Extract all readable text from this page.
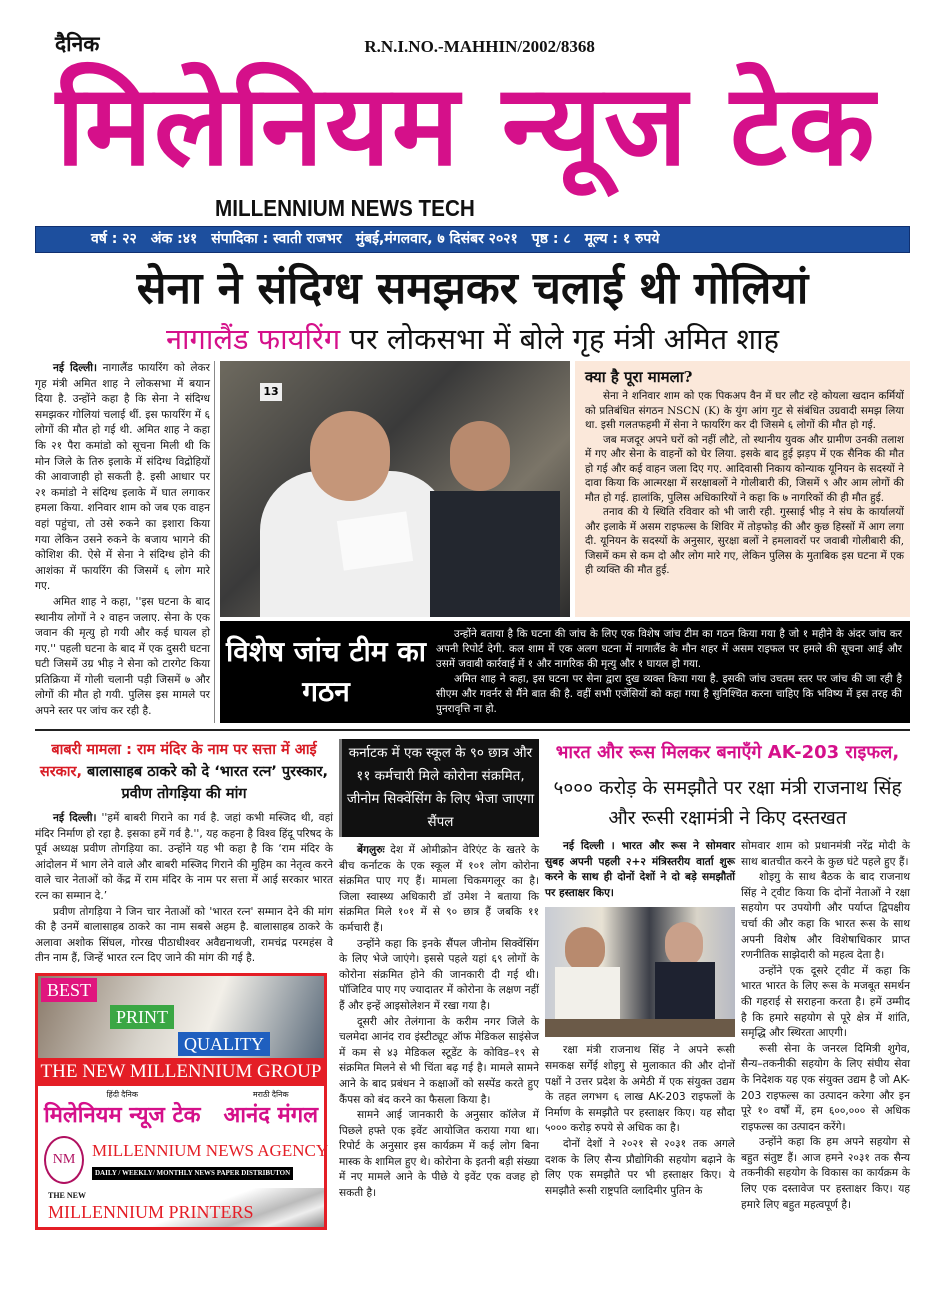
दैनिक	R.N.I.NO.-MAHHIN/2002/8368
मिलेनियम न्यूज टेक
MILLENNIUM NEWS TECH
वर्ष : २२ अंक :४१ संपादिका : स्वाती राजभर मुंबई,मंगलवार, ७ दिसंबर २०२१ पृष्ठ : ८ मूल्य : १ रुपये
सेना ने संदिग्ध समझकर चलाई थी गोलियां
नागालैंड फायरिंग पर लोकसभा में बोले गृह मंत्री अमित शाह

नई दिल्ली। नागालैंड फायरिंग को लेकर गृह मंत्री अमित शाह ने लोकसभा में बयान दिया है. उन्होंने कहा है कि सेना ने संदिग्ध समझकर गोलियां चलाई थीं. इस फायरिंग में ६ लोगों की मौत हो गई थी. अमित शाह ने कहा कि २१ पैरा कमांडो को सूचना मिली थी कि मोन जिले के तिरु इलाके में संदिग्ध विद्रोहियों की आवाजाही हो सकती है. इसी आधार पर २१ कमांडो ने संदिग्ध इलाके में घात लगाकर हमला किया. शनिवार शाम को जब एक वाहन वहां पहुंचा, तो उसे रुकने का इशारा किया गया लेकिन उसने रुकने के बजाय भागने की कोशिश की. ऐसे में सेना ने संदिग्ध होने की आशंका में फायरिंग की जिसमें ६ लोग मारे गए.

अमित शाह ने कहा, ''इस घटना के बाद स्थानीय लोगों ने २ वाहन जलाए. सेना के एक जवान की मृत्यु हो गयी और कई घायल हो गए.'' पहली घटना के बाद में एक दुसरी घटना घटी जिसमें उग्र भीड़ ने सेना को टारगेट किया प्रतिक्रिया में गोली चलानी पड़ी जिसमें ७ और लोगों की मौत हो गयी. पुलिस इस मामले पर अपने स्तर पर जांच कर रही है.

13
क्या है पूरा मामला?

सेना ने शनिवार शाम को एक पिकअप वैन में घर लौट रहे कोयला खदान कर्मियों को प्रतिबंधित संगठन NSCN (K) के युंग आंग गुट से संबंधित उग्रवादी समझ लिया था. इसी गलतफहमी में सेना ने फायरिंग कर दी जिसमे ६ लोगों की मौत हो गई.

जब मजदूर अपने घरों को नहीं लौटे, तो स्थानीय युवक और ग्रामीण उनकी तलाश में गए और सेना के वाहनों को घेर लिया. इसके बाद हुई झड़प में एक सैनिक की मौत हो गई और कई वाहन जला दिए गए. आदिवासी निकाय कोन्याक यूनियन के सदस्यों ने दावा किया कि आत्मरक्षा में सरक्षाबलों ने गोलीबारी की, जिसमें ९ और आम लोगों की मौत हो गई. हालांकि, पुलिस अधिकारियों ने कहा कि ७ नागरिकों की ही मौत हुई.

तनाव की ये स्थिति रविवार को भी जारी रही. गुस्साई भीड़ ने संघ के कार्यालयों और इलाके में असम राइफल्स के शिविर में तोड़फोड़ की और कुछ हिस्सों में आग लगा दी. यूनियन के सदस्यों के अनुसार, सुरक्षा बलों ने हमलावरों पर जवाबी गोलीबारी की, जिसमें कम से कम दो और लोग मारे गए, लेकिन पुलिस के मुताबिक इस घटना में एक ही व्यक्ति की मौत हुई.

विशेष जांच टीम का गठन

उन्होंने बताया है कि घटना की जांच के लिए एक विशेष जांच टीम का गठन किया गया है जो १ महीने के अंदर जांच कर अपनी रिपोर्ट देगी. कल शाम में एक अलग घटना में नागालैंड के मौन शहर में असम राइफल पर हमले की सूचना आई और उसमें जवाबी कार्रवाई में १ और नागरिक की मृत्यु और १ घायल हो गया.

अमित शाह ने कहा, इस घटना पर सेना द्वारा दुख व्यक्त किया गया है. इसकी जांच उचतम स्तर पर जांच की जा रही है सीएम और गवर्नर से मैंने बात की है. वहीं सभी एजेंसियों को कहा गया है सुनिश्चित करना चाहिए कि भविष्य में इस तरह की पुनरावृत्ति ना हो.

बाबरी मामला : राम मंदिर के नाम पर सत्ता में आई सरकार, बालासाहब ठाकरे को दे ‘भारत रत्न’ पुरस्कार, प्रवीण तोगड़िया की मांग

नई दिल्ली। ''हमें बाबरी गिराने का गर्व है. जहां कभी मस्जिद थी, वहां मंदिर निर्माण हो रहा है. इसका हमें गर्व है.'', यह कहना है विश्व हिंदू परिषद के पूर्व अध्यक्ष प्रवीण तोगड़िया का. उन्होंने यह भी कहा है कि ‘राम मंदिर के आंदोलन में भाग लेने वाले और बाबरी मस्जिद गिराने की मुहिम का नेतृत्व करने वाले चार नेताओं को केंद्र में राम मंदिर के नाम पर सत्ता में आई सरकार भारत रत्न का सम्मान दे.’

प्रवीण तोगड़िया ने जिन चार नेताओं को 'भारत रत्न' सम्मान देने की मांग की है उनमें बालासाहब ठाकरे का नाम सबसे अहम है. बालासाहब ठाकरे के अलावा अशोक सिंघल, गोरख पीठाधीश्वर अवैद्यनाथजी, रामचंद्र परमहंस वे तीन नाम हैं, जिन्हें भारत रत्न दिए जाने की मांग की गई है.

BEST
PRINT
QUALITY
THE NEW MILLENNIUM GROUP
हिंदी दैनिक
मिलेनियम न्यूज टेक
मराठी दैनिक
आनंद मंगल
NM MILLENNIUM NEWS AGENCY
DAILY / WEEKLY/ MONTHLY NEWS PAPER DISTRIBUTON
THE NEW
MILLENNIUM PRINTERS
कर्नाटक में एक स्कूल के ९० छात्र और ११ कर्मचारी मिले कोरोना संक्रमित, जीनोम सिक्वेंसिंग के लिए भेजा जाएगा सैंपल

बेंगलुरुः देश में ओमीक्रोन वेरिएंट के खतरे के बीच कर्नाटक के एक स्कूल में १०१ लोग कोरोना संक्रमित पाए गए हैं। मामला चिकमगलूर का है। जिला स्वास्थ्य अधिकारी डॉ उमेश ने बताया कि संक्रमित मिले १०१ में से ९० छात्र हैं जबकि ११ कर्मचारी हैं।

उन्होंने कहा कि इनके सैंपल जीनोम सिक्वेंसिंग के लिए भेजे जाएंगे। इससे पहले यहां ६९ लोगों के कोरोना संक्रमित होने की जानकारी दी गई थी। पॉजिटिव पाए गए ज्यादातर में कोरोना के लक्षण नहीं हैं और इन्हें आइसोलेशन में रखा गया है।

दूसरी ओर तेलंगाना के करीम नगर जिले के चलमेदा आनंद राव इंस्टीट्यूट ऑफ मेडिकल साइंसेज में कम से ४३ मेडिकल स्टूडेंट के कोविड–१९ से संक्रमित मिलने से भी चिंता बढ़ गई है। मामले सामने आने के बाद प्रबंधन ने कक्षाओं को सस्पेंड करते हुए कैंपस को बंद करने का फैसला किया है।

सामने आई जानकारी के अनुसार कॉलेज में पिछले हफ्ते एक इवेंट आयोजित कराया गया था। रिपोर्ट के अनुसार इस कार्यक्रम में कई लोग बिना मास्क के शामिल हुए थे। कोरोना के इतनी बड़ी संख्या में नए मामले आने के पीछे ये इवेंट एक वजह हो सकती है।

भारत और रूस मिलकर बनाएँगे AK-203 राइफल,
५००० करोड़ के समझौते पर रक्षा मंत्री राजनाथ सिंह और रूसी रक्षामंत्री ने किए दस्तखत

नई दिल्ली । भारत और रूस ने सोमवार सुबह अपनी पहली २+२ मंत्रिस्तरीय वार्ता शुरू करने के साथ ही दोनों देशों ने दो बड़े समझौतों पर हस्ताक्षर किए।

रक्षा मंत्री राजनाथ सिंह ने अपने रूसी समकक्ष सर्गेई शोइगु से मुलाकात की और दोनों पक्षों ने उत्तर प्रदेश के अमेठी में एक संयुक्त उद्यम के तहत लगभग ६ लाख AK-203 राइफलों के निर्माण के समझौते पर हस्ताक्षर किए। यह सौदा ५००० करोड़ रुपये से अधिक का है।

दोनों देशों ने २०२१ से २०३१ तक अगले दशक के लिए सैन्य प्रौद्योगिकी सहयोग बढ़ाने के लिए एक समझौते पर भी हस्ताक्षर किए। ये समझौते रूसी राष्ट्रपति व्लादिमीर पुतिन के

सोमवार शाम को प्रधानमंत्री नरेंद्र मोदी के साथ बातचीत करने के कुछ घंटे पहले हुए हैं।

शोइगु के साथ बैठक के बाद राजनाथ सिंह ने ट्वीट किया कि दोनों नेताओं ने रक्षा सहयोग पर उपयोगी और पर्याप्त द्विपक्षीय चर्चा की और कहा कि भारत रूस के साथ अपनी विशेष और विशेषाधिकार प्राप्त रणनीतिक साझेदारी को महत्व देता है।

उन्होंने एक दूसरे ट्वीट में कहा कि भारत भारत के लिए रूस के मजबूत समर्थन की गहराई से सराहना करता है। हमें उम्मीद है कि हमारे सहयोग से पूरे क्षेत्र में शांति, समृद्धि और स्थिरता आएगी।

रूसी सेना के जनरल दिमित्री शुगेव, सैन्य–तकनीकी सहयोग के लिए संघीय सेवा के निदेशक यह एक संयुक्त उद्यम है जो AK-203 राइफल्स का उत्पादन करेगा और इन पूरे १० वर्षों में, हम ६००,००० से अधिक राइफल्स का उत्पादन करेंगे।

उन्होंने कहा कि हम अपने सहयोग से बहुत संतुष्ट हैं। आज हमने २०३१ तक सैन्य तकनीकी सहयोग के विकास का कार्यक्रम के लिए एक दस्तावेज पर हस्ताक्षर किए। यह हमारे लिए बहुत महत्वपूर्ण है।
